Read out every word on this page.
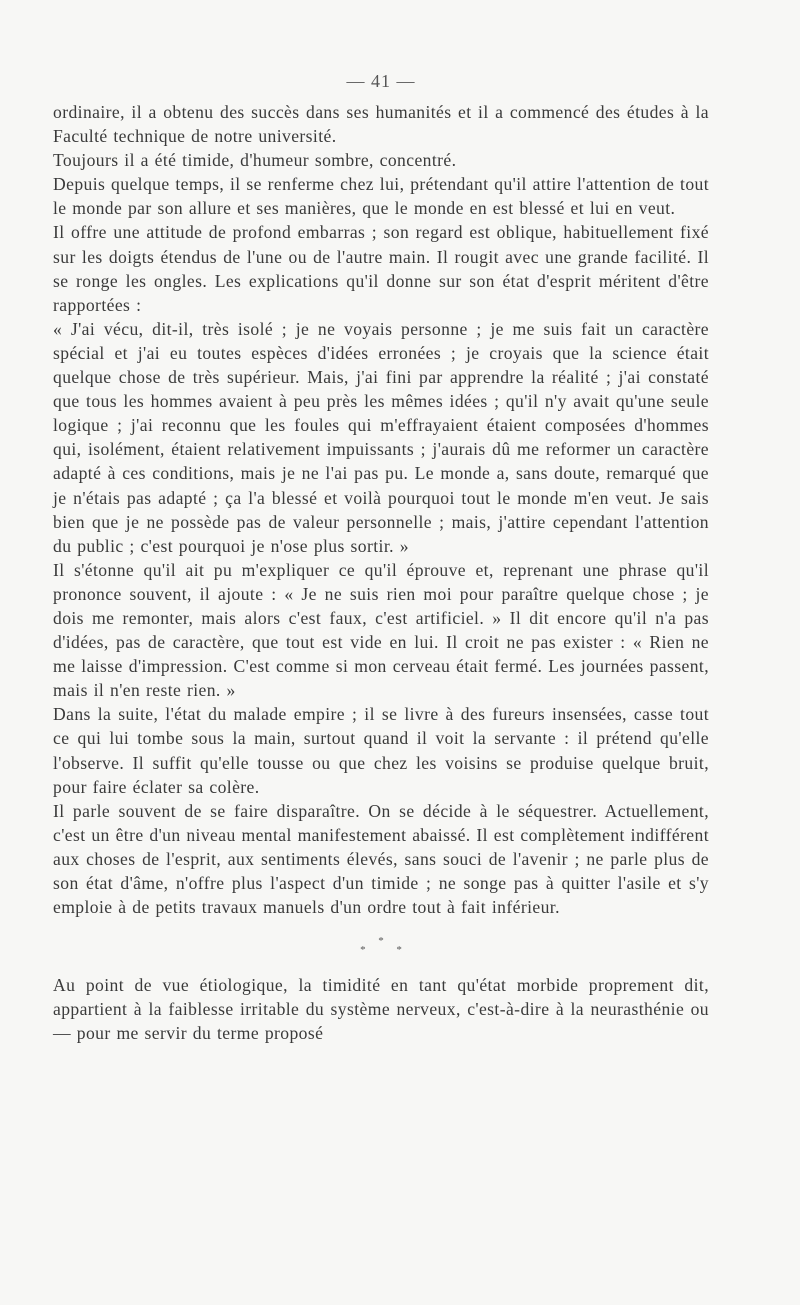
— 41 —

ordinaire, il a obtenu des succès dans ses humanités et il a commencé des études à la Faculté technique de notre université.

Toujours il a été timide, d'humeur sombre, concentré.

Depuis quelque temps, il se renferme chez lui, prétendant qu'il attire l'attention de tout le monde par son allure et ses manières, que le monde en est blessé et lui en veut.

Il offre une attitude de profond embarras ; son regard est oblique, habituellement fixé sur les doigts étendus de l'une ou de l'autre main. Il rougit avec une grande facilité. Il se ronge les ongles. Les explications qu'il donne sur son état d'esprit méritent d'être rapportées :

« J'ai vécu, dit-il, très isolé ; je ne voyais personne ; je me suis fait un caractère spécial et j'ai eu toutes espèces d'idées erronées ; je croyais que la science était quelque chose de très supérieur. Mais, j'ai fini par apprendre la réalité ; j'ai constaté que tous les hommes avaient à peu près les mêmes idées ; qu'il n'y avait qu'une seule logique ; j'ai reconnu que les foules qui m'effrayaient étaient composées d'hommes qui, isolément, étaient relativement impuissants ; j'aurais dû me reformer un caractère adapté à ces conditions, mais je ne l'ai pas pu. Le monde a, sans doute, remarqué que je n'étais pas adapté ; ça l'a blessé et voilà pourquoi tout le monde m'en veut. Je sais bien que je ne possède pas de valeur personnelle ; mais, j'attire cependant l'attention du public ; c'est pourquoi je n'ose plus sortir. »

Il s'étonne qu'il ait pu m'expliquer ce qu'il éprouve et, reprenant une phrase qu'il prononce souvent, il ajoute : « Je ne suis rien moi pour paraître quelque chose ; je dois me remonter, mais alors c'est faux, c'est artificiel. » Il dit encore qu'il n'a pas d'idées, pas de caractère, que tout est vide en lui. Il croit ne pas exister : « Rien ne me laisse d'impression. C'est comme si mon cerveau était fermé. Les journées passent, mais il n'en reste rien. »

Dans la suite, l'état du malade empire ; il se livre à des fureurs insensées, casse tout ce qui lui tombe sous la main, surtout quand il voit la servante : il prétend qu'elle l'observe. Il suffit qu'elle tousse ou que chez les voisins se produise quelque bruit, pour faire éclater sa colère.

Il parle souvent de se faire disparaître. On se décide à le séquestrer. Actuellement, c'est un être d'un niveau mental manifestement abaissé. Il est complètement indifférent aux choses de l'esprit, aux sentiments élevés, sans souci de l'avenir ; ne parle plus de son état d'âme, n'offre plus l'aspect d'un timide ; ne songe pas à quitter l'asile et s'y emploie à de petits travaux manuels d'un ordre tout à fait inférieur.

*
* *

Au point de vue étiologique, la timidité en tant qu'état morbide proprement dit, appartient à la faiblesse irritable du système nerveux, c'est-à-dire à la neurasthénie ou — pour me servir du terme proposé
